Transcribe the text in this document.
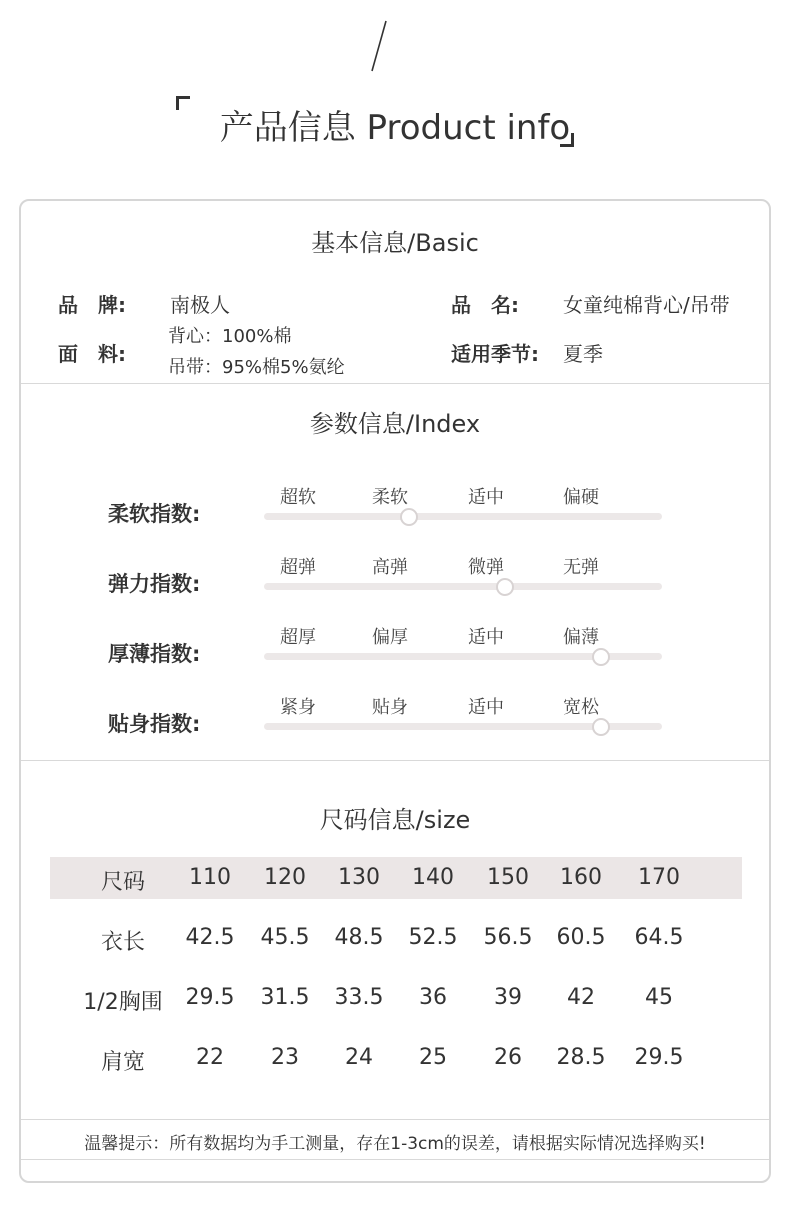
产品信息 Product info
基本信息/Basic
品　牌: 南极人	品　名: 女童纯棉背心/吊带
面　料:
背心：100%棉
吊带：95%棉5%氨纶
适用季节: 夏季
参数信息/Index
柔软指数:
超软	柔软	适中	偏硬
弹力指数:
超弹	高弹	微弹	无弹
厚薄指数:
超厚	偏厚	适中	偏薄
贴身指数:
紧身	贴身	适中	宽松
尺码信息/size
尺码	110	120	130	140	150	160	170
衣长	42.5	45.5	48.5	52.5	56.5	60.5	64.5
1/2胸围	29.5	31.5	33.5	36	39	42	45
肩宽	22	23	24	25	26	28.5	29.5
温馨提示：所有数据均为手工测量，存在1-3cm的误差，请根据实际情况选择购买!
